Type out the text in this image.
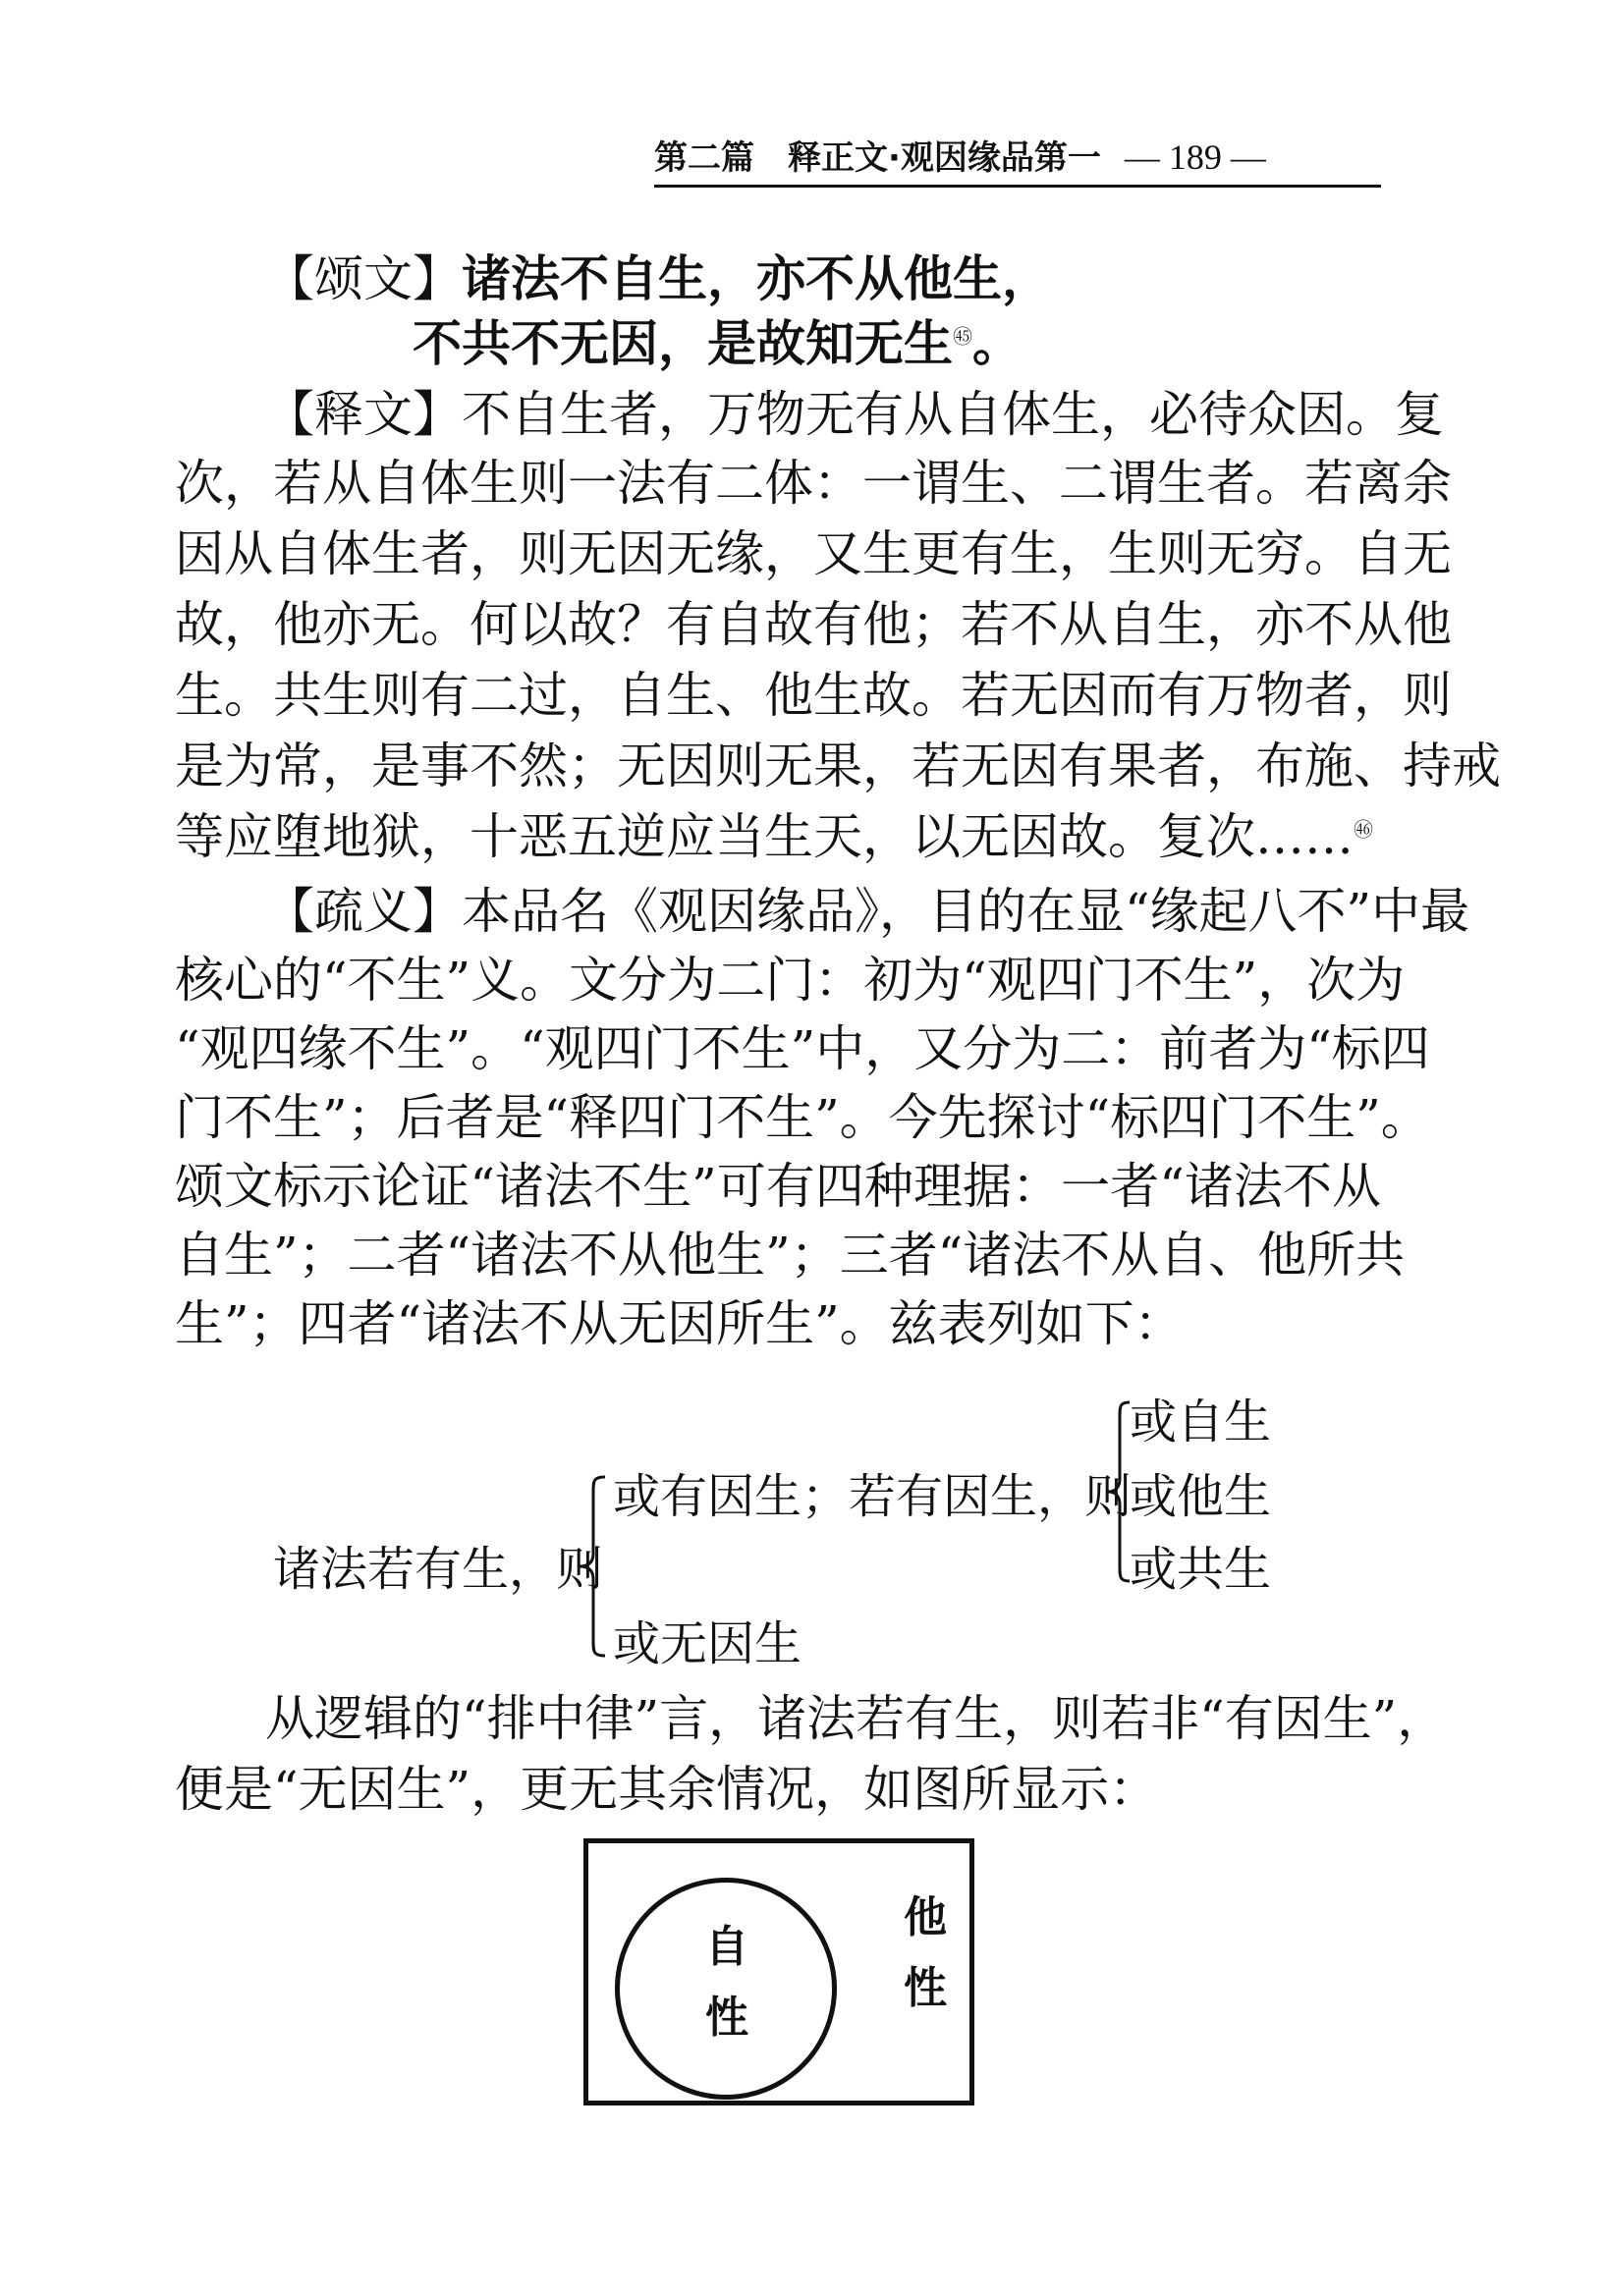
第二篇　释正文·观因缘品第一 — 189 —
【颂文】诸法不自生，亦不从他生，
不共不无因，是故知无生$^㊺$。
【释文】不自生者，万物无有从自体生，必待众因。复
次，若从自体生则一法有二体：一谓生、二谓生者。若离余
因从自体生者，则无因无缘，又生更有生，生则无穷。自无
故，他亦无。何以故？有自故有他；若不从自生，亦不从他
生。共生则有二过，自生、他生故。若无因而有万物者，则
是为常，是事不然；无因则无果，若无因有果者，布施、持戒
等应堕地狱，十恶五逆应当生天，以无因故。复次……$^㊻$
【疏义】本品名《观因缘品》，目的在显“缘起八不”中最
核心的“不生”义。文分为二门：初为“观四门不生”，次为
“观四缘不生”。“观四门不生”中，又分为二：前者为“标四
门不生”；后者是“释四门不生”。今先探讨“标四门不生”。
颂文标示论证“诸法不生”可有四种理据：一者“诸法不从
自生”；二者“诸法不从他生”；三者“诸法不从自、他所共
生”；四者“诸法不从无因所生”。兹表列如下：
诸法若有生，则
或有因生；若有因生，则
或无因生
或自生
或他生
或共生
从逻辑的“排中律”言，诸法若有生，则若非“有因生”，
便是“无因生”，更无其余情况，如图所显示：
自
性
他
性
